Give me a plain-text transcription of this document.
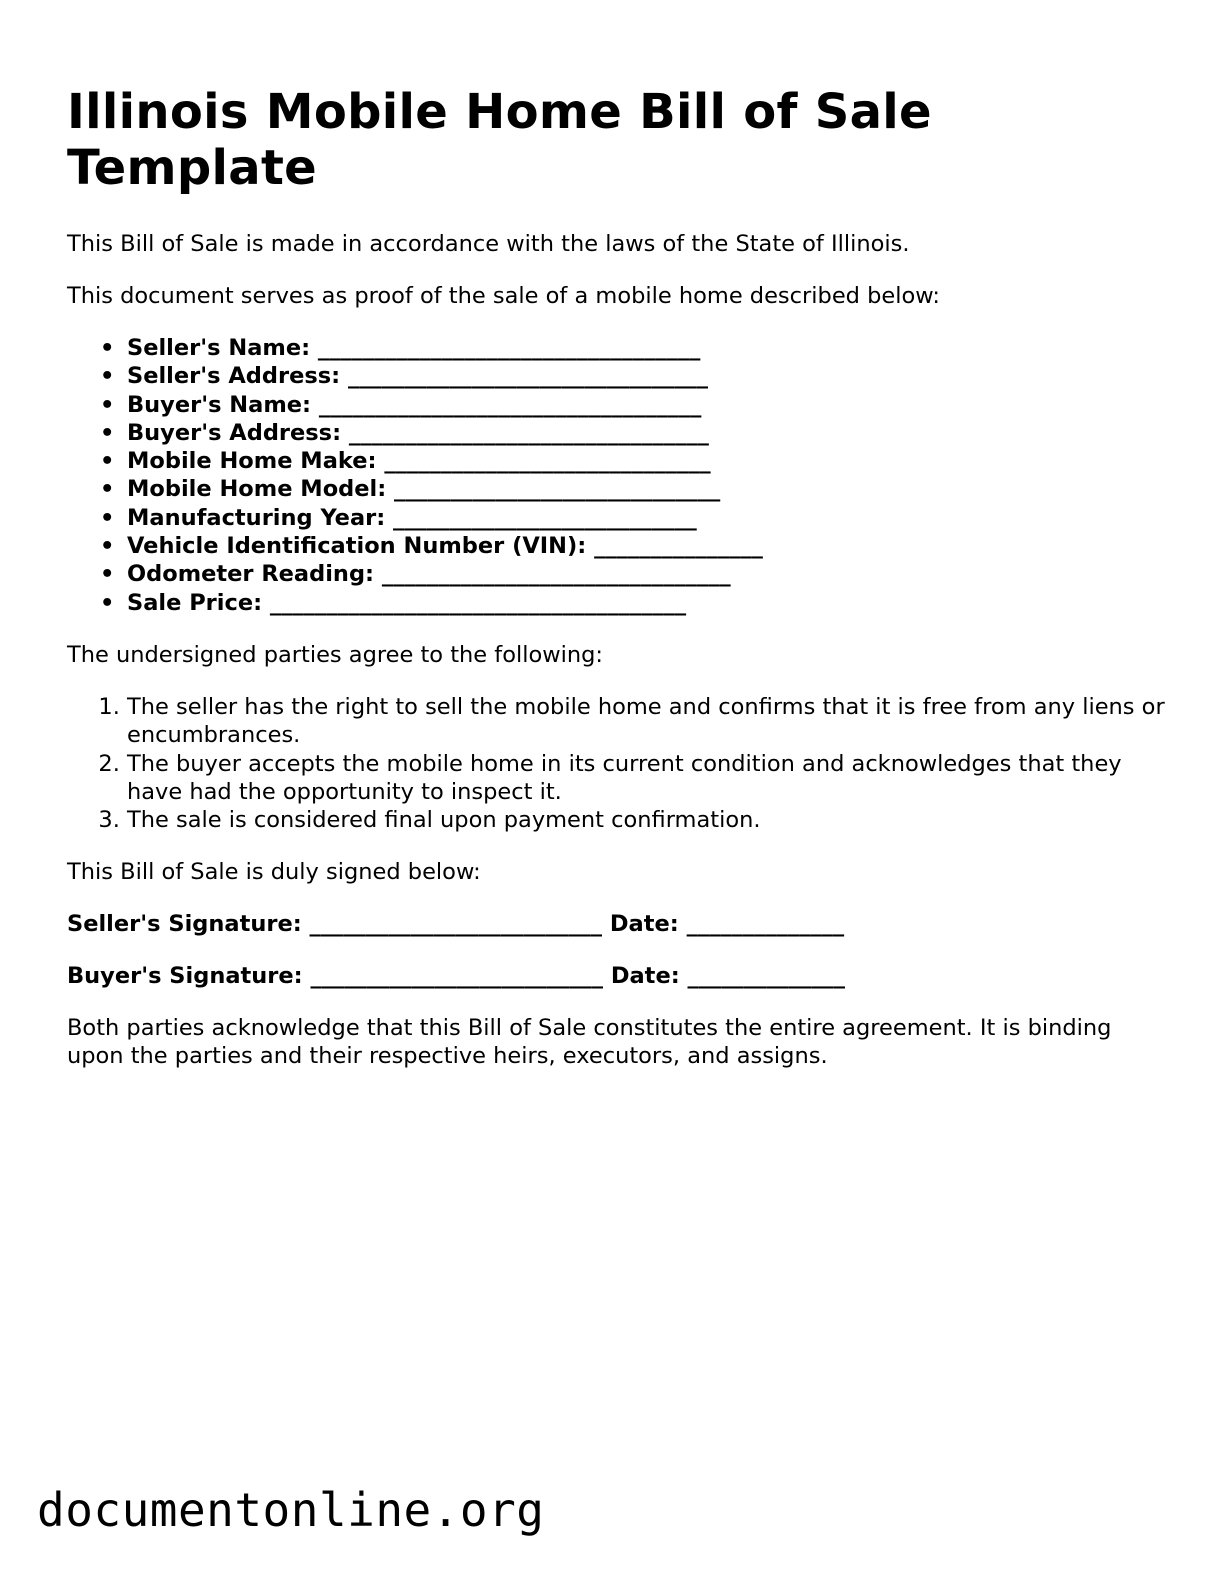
Illinois Mobile Home Bill of Sale Template

This Bill of Sale is made in accordance with the laws of the State of Illinois.

This document serves as proof of the sale of a mobile home described below:

• Seller's Name: __________________________________
• Seller's Address: ________________________________
• Buyer's Name: __________________________________
• Buyer's Address: ________________________________
• Mobile Home Make: _____________________________
• Mobile Home Model: _____________________________
• Manufacturing Year: ___________________________
• Vehicle Identification Number (VIN): _______________
• Odometer Reading: _______________________________
• Sale Price: _____________________________________

The undersigned parties agree to the following:

1. The seller has the right to sell the mobile home and confirms that it is free from any liens or encumbrances.
2. The buyer accepts the mobile home in its current condition and acknowledges that they have had the opportunity to inspect it.
3. The sale is considered final upon payment confirmation.

This Bill of Sale is duly signed below:

Seller's Signature: __________________________ Date: ______________
Buyer's Signature: __________________________ Date: ______________

Both parties acknowledge that this Bill of Sale constitutes the entire agreement. It is binding upon the parties and their respective heirs, executors, and assigns.

documentonline.org
